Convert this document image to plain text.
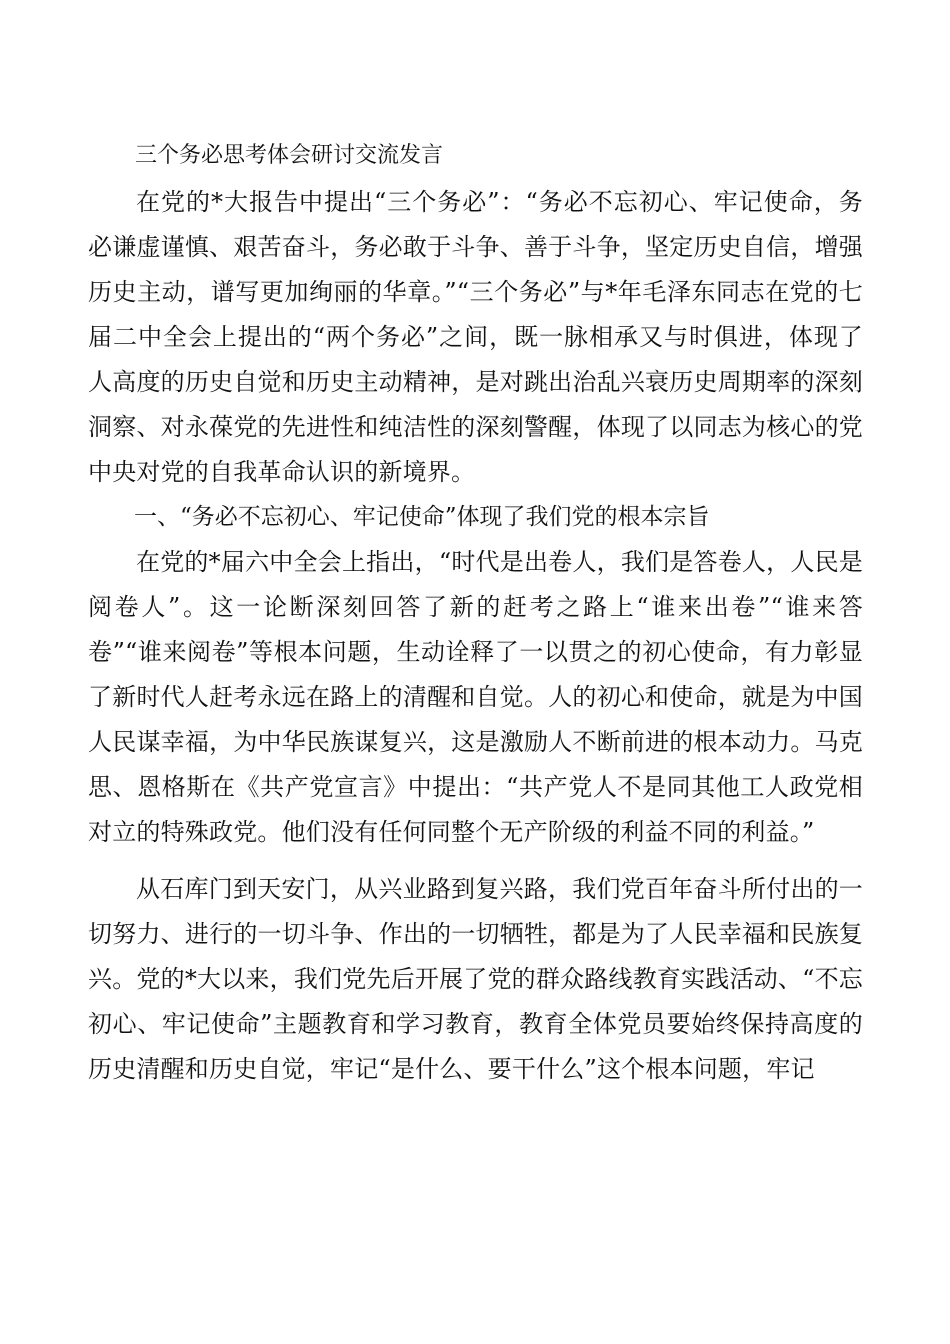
三个务必思考体会研讨交流发言

在党的*大报告中提出“三个务必”：“务必不忘初心、牢记使命，务必谦虚谨慎、艰苦奋斗，务必敢于斗争、善于斗争，坚定历史自信，增强历史主动，谱写更加绚丽的华章。”“三个务必”与*年毛泽东同志在党的七届二中全会上提出的“两个务必”之间，既一脉相承又与时俱进，体现了人高度的历史自觉和历史主动精神，是对跳出治乱兴衰历史周期率的深刻洞察、对永葆党的先进性和纯洁性的深刻警醒，体现了以同志为核心的党中央对党的自我革命认识的新境界。

一、“务必不忘初心、牢记使命”体现了我们党的根本宗旨

在党的*届六中全会上指出，“时代是出卷人，我们是答卷人，人民是阅卷人”。这一论断深刻回答了新的赶考之路上“谁来出卷”“谁来答卷”“谁来阅卷”等根本问题，生动诠释了一以贯之的初心使命，有力彰显了新时代人赶考永远在路上的清醒和自觉。人的初心和使命，就是为中国人民谋幸福，为中华民族谋复兴，这是激励人不断前进的根本动力。马克思、恩格斯在《共产党宣言》中提出：“共产党人不是同其他工人政党相对立的特殊政党。他们没有任何同整个无产阶级的利益不同的利益。”

从石库门到天安门，从兴业路到复兴路，我们党百年奋斗所付出的一切努力、进行的一切斗争、作出的一切牺牲，都是为了人民幸福和民族复兴。党的*大以来，我们党先后开展了党的群众路线教育实践活动、“不忘初心、牢记使命”主题教育和学习教育，教育全体党员要始终保持高度的历史清醒和历史自觉，牢记“是什么、要干什么”这个根本问题，牢记
